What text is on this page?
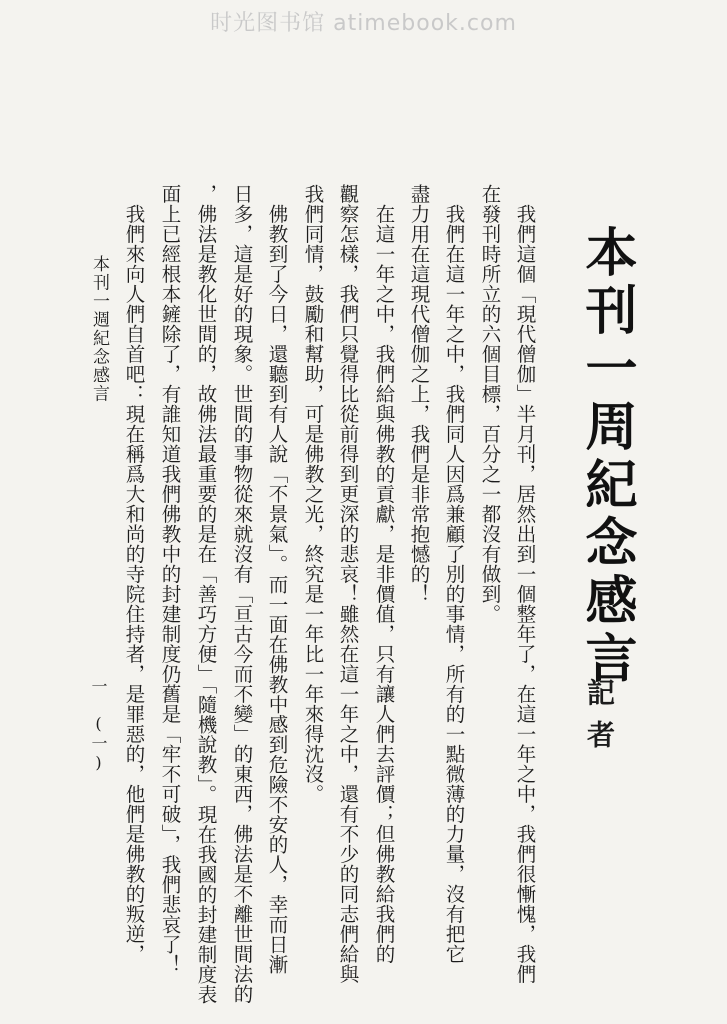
时光图书馆 atimebook.com
本刊一周紀念感言
記者
　我們這個「現代僧伽」半月刊，居然出到一個整年了，在這一年之中，我們很慚愧，我們
在發刊時所立的六個目標，百分之一都沒有做到。
　我們在這一年之中，我們同人因爲兼顧了別的事情，所有的一點微薄的力量，沒有把它
盡力用在這現代僧伽之上，我們是非常抱憾的！
　在這一年之中，我們給與佛教的貢獻，是非價值，只有讓人們去評價；但佛教給我們的
觀察怎樣，我們只覺得比從前得到更深的悲哀！雖然在這一年之中，還有不少的同志們給與
我們同情，鼓勵和幫助，可是佛教之光，終究是一年比一年來得沈沒。
　佛教到了今日，還聽到有人說「不景氣」。而一面在佛教中感到危險不安的人，幸而日漸
日多，這是好的現象。世間的事物從來就沒有「亘古今而不變」的東西，佛法是不離世間法的
，佛法是教化世間的，故佛法最重要的是在「善巧方便」「隨機說教」。現在我國的封建制度表
面上已經根本鏟除了，有誰知道我們佛教中的封建制度仍舊是「牢不可破」，我們悲哀了！
　我們來向人們自首吧：現在稱爲大和尚的寺院住持者，是罪惡的，他們是佛教的叛逆，
本刊一週紀念感言
一　(一)
